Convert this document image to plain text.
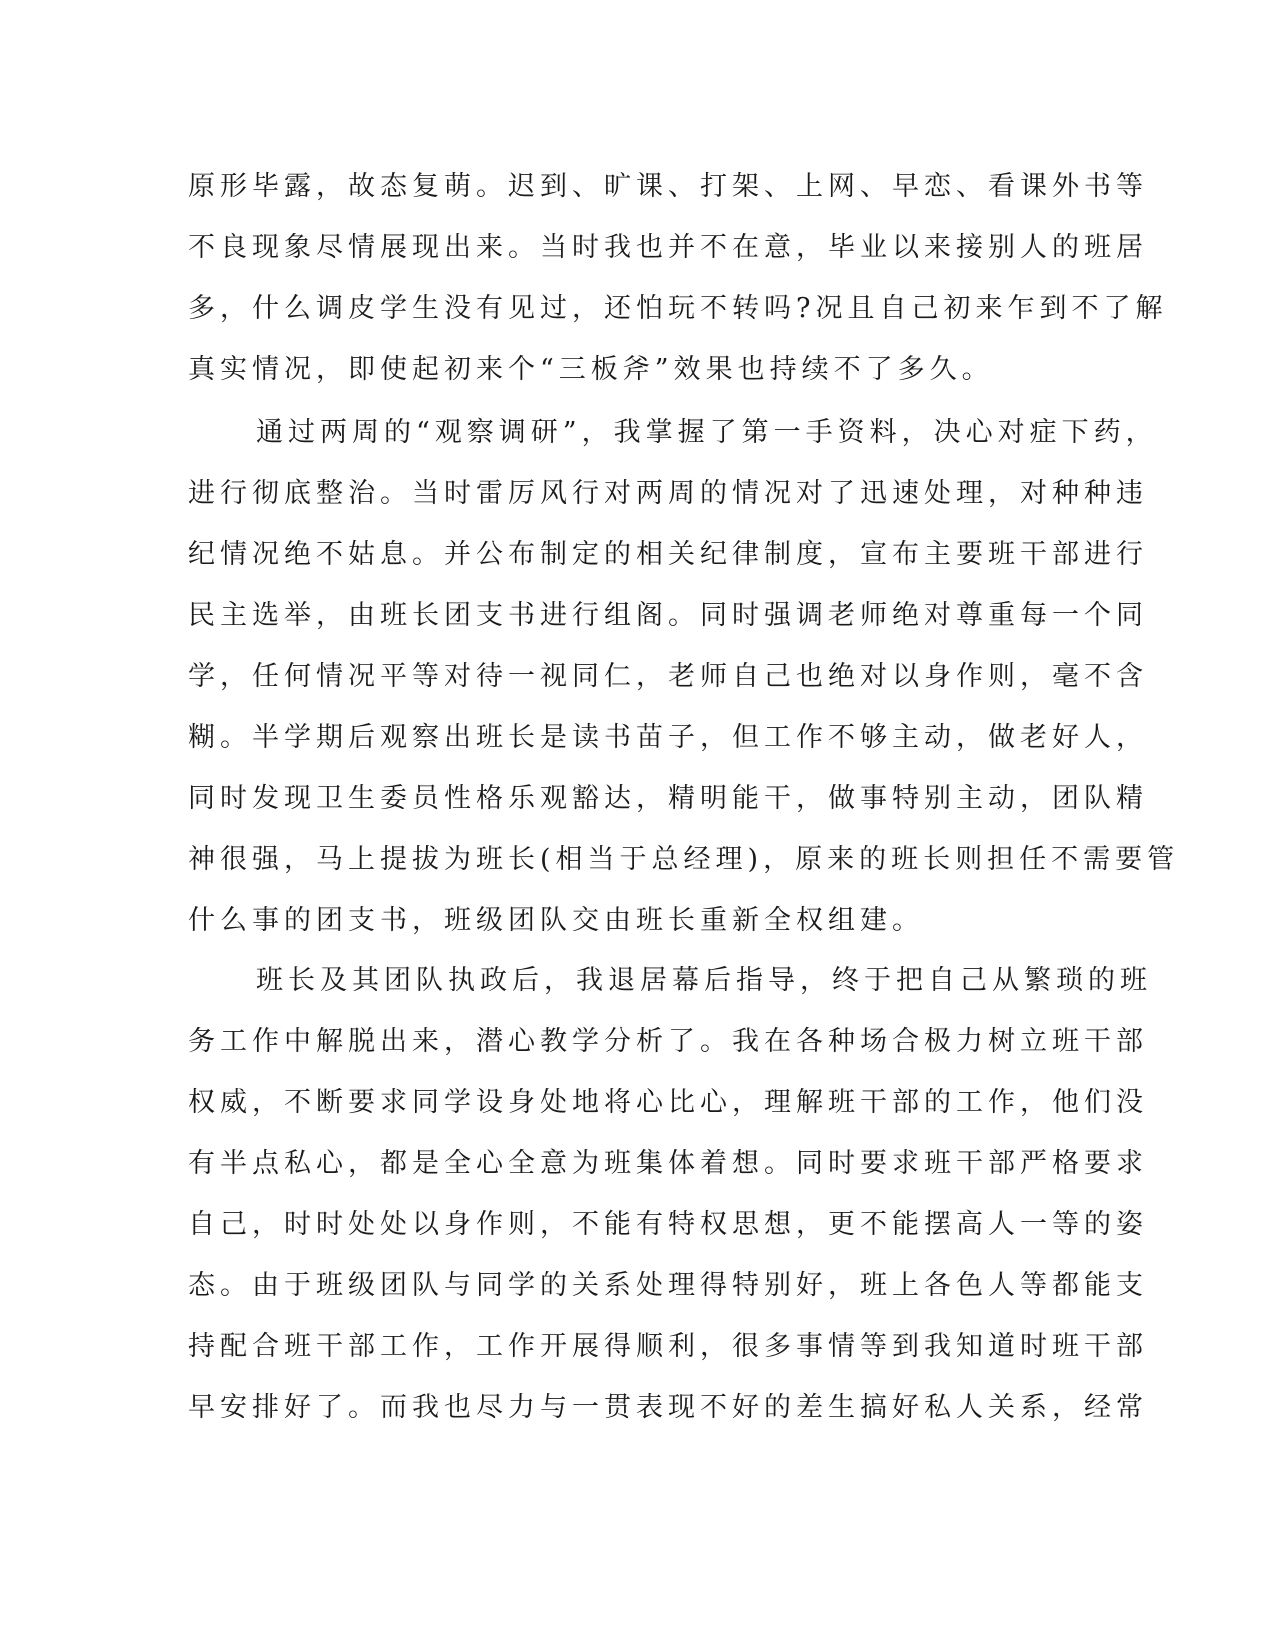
原形毕露，故态复萌。迟到、旷课、打架、上网、早恋、看课外书等
不良现象尽情展现出来。当时我也并不在意，毕业以来接别人的班居
多，什么调皮学生没有见过，还怕玩不转吗?况且自己初来乍到不了解
真实情况，即使起初来个“三板斧”效果也持续不了多久。
通过两周的“观察调研”，我掌握了第一手资料，决心对症下药，
进行彻底整治。当时雷厉风行对两周的情况对了迅速处理，对种种违
纪情况绝不姑息。并公布制定的相关纪律制度，宣布主要班干部进行
民主选举，由班长团支书进行组阁。同时强调老师绝对尊重每一个同
学，任何情况平等对待一视同仁，老师自己也绝对以身作则，毫不含
糊。半学期后观察出班长是读书苗子，但工作不够主动，做老好人，
同时发现卫生委员性格乐观豁达，精明能干，做事特别主动，团队精
神很强，马上提拔为班长(相当于总经理)，原来的班长则担任不需要管
什么事的团支书，班级团队交由班长重新全权组建。
班长及其团队执政后，我退居幕后指导，终于把自己从繁琐的班
务工作中解脱出来，潜心教学分析了。我在各种场合极力树立班干部
权威，不断要求同学设身处地将心比心，理解班干部的工作，他们没
有半点私心，都是全心全意为班集体着想。同时要求班干部严格要求
自己，时时处处以身作则，不能有特权思想，更不能摆高人一等的姿
态。由于班级团队与同学的关系处理得特别好，班上各色人等都能支
持配合班干部工作，工作开展得顺利，很多事情等到我知道时班干部
早安排好了。而我也尽力与一贯表现不好的差生搞好私人关系，经常
